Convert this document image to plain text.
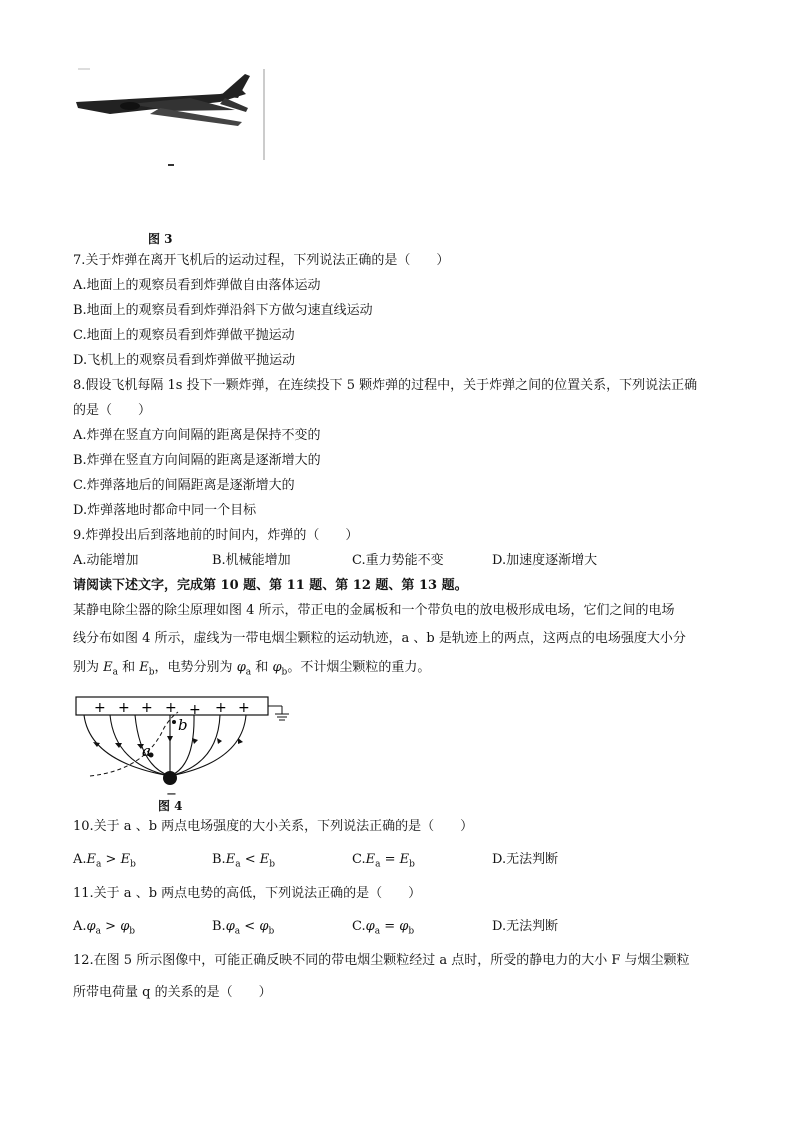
图 3
7.关于炸弹在离开飞机后的运动过程，下列说法正确的是（　　）
A.地面上的观察员看到炸弹做自由落体运动
B.地面上的观察员看到炸弹沿斜下方做匀速直线运动
C.地面上的观察员看到炸弹做平抛运动
D.飞机上的观察员看到炸弹做平抛运动
8.假设飞机每隔 1s 投下一颗炸弹，在连续投下 5 颗炸弹的过程中，关于炸弹之间的位置关系，下列说法正确
的是（　　）
A.炸弹在竖直方向间隔的距离是保持不变的
B.炸弹在竖直方向间隔的距离是逐渐增大的
C.炸弹落地后的间隔距离是逐渐增大的
D.炸弹落地时都命中同一个目标
9.炸弹投出后到落地前的时间内，炸弹的（　　）
A.动能增加	B.机械能增加	C.重力势能不变	D.加速度逐渐增大
请阅读下述文字，完成第 10 题、第 11 题、第 12 题、第 13 题。
某静电除尘器的除尘原理如图 4 所示，带正电的金属板和一个带负电的放电极形成电场，它们之间的电场
线分布如图 4 所示，虚线为一带电烟尘颗粒的运动轨迹，a 、b 是轨迹上的两点，这两点的电场强度大小分
别为 $E_a$ 和 $E_b$，电势分别为 $\varphi_a$ 和 $\varphi_b$。不计烟尘颗粒的重力。
+ + + + + + +
a
b
−
图 4
10.关于 a 、b 两点电场强度的大小关系，下列说法正确的是（　　）
$A.E_a > E_b$	$B.E_a < E_b$	$C.E_a = E_b$	D.无法判断
11.关于 a 、b 两点电势的高低，下列说法正确的是（　　）
$A.\varphi_a > \varphi_b$	$B.\varphi_a < \varphi_b$	$C.\varphi_a = \varphi_b$	D.无法判断
12.在图 5 所示图像中，可能正确反映不同的带电烟尘颗粒经过 a 点时，所受的静电力的大小 F 与烟尘颗粒
所带电荷量 q 的关系的是（　　）
